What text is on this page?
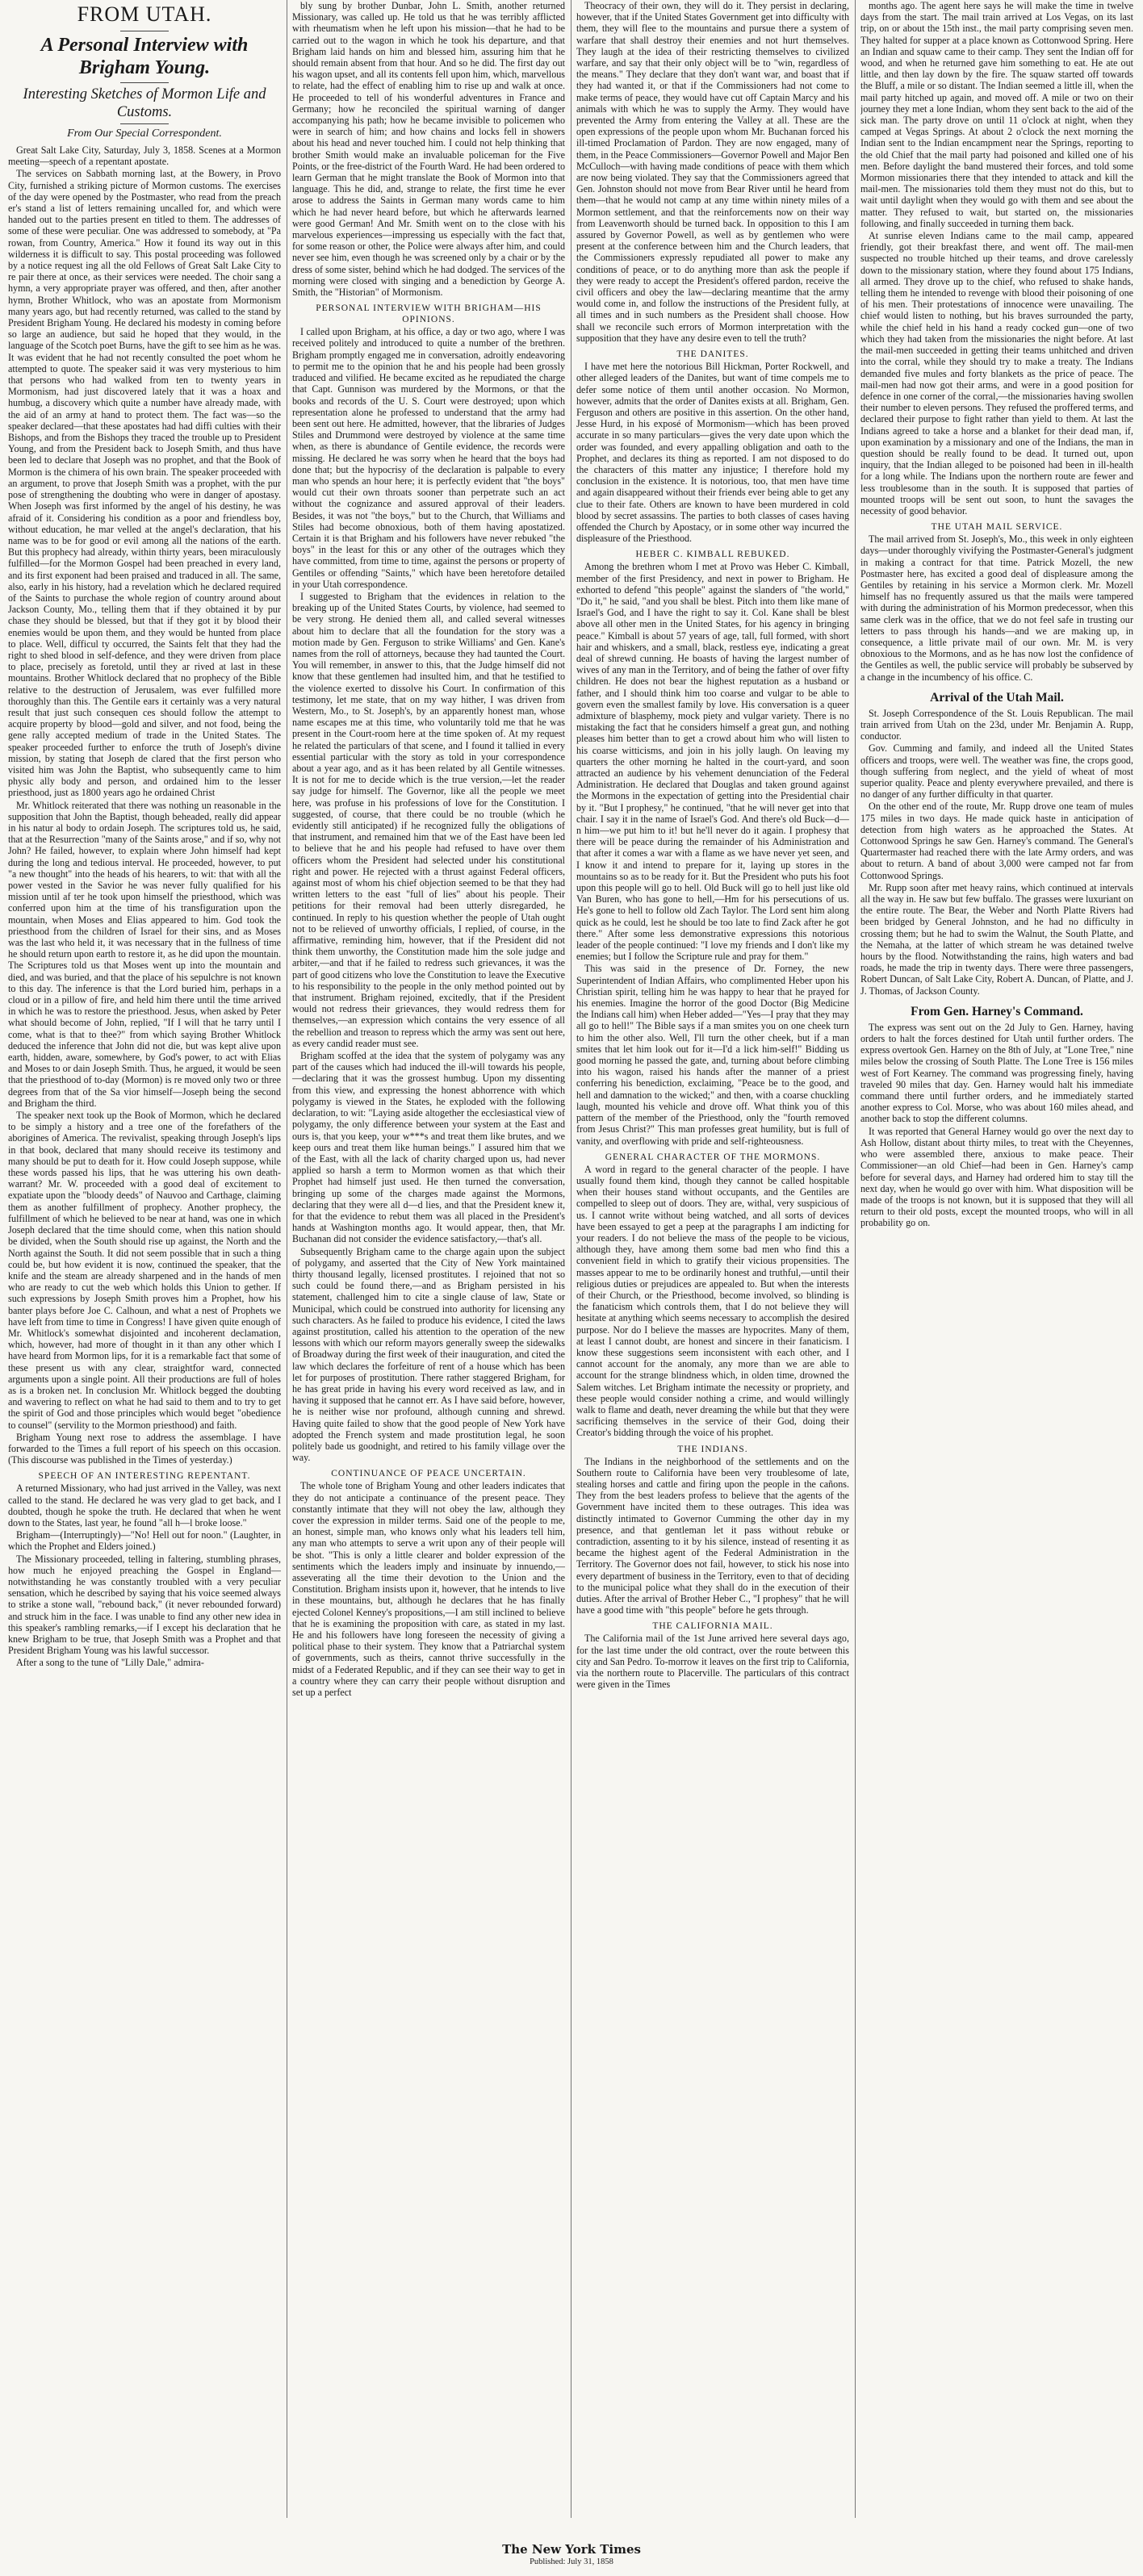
FROM UTAH.
A Personal Interview with Brigham Young.
Interesting Sketches of Mormon Life and Customs.
From Our Special Correspondent.

Great Salt Lake City, Saturday, July 3, 1858. Scenes at a Mormon meeting—speech of a repentant apostate.

The services on Sabbath morning last, at the Bowery, in Provo City, furnished a striking picture of Mormon customs. The exercises of the day were opened by the Postmaster, who read from the preach er's stand a list of letters remaining uncalled for, and which were handed out to the parties present en titled to them. The addresses of some of these were peculiar. One was addressed to somebody, at "Pa rowan, from Country, America." How it found its way out in this wilderness it is difficult to say. This postal proceeding was followed by a notice request ing all the old Fellows of Great Salt Lake City to re pair there at once, as their services were needed. The choir sang a hymn, a very appropriate prayer was offered, and then, after another hymn, Brother Whitlock, who was an apostate from Mormonism many years ago, but had recently returned, was called to the stand by President Brigham Young. He declared his modesty in coming before so large an audience, but said he hoped that they would, in the language of the Scotch poet Burns, have the gift to see him as he was. It was evident that he had not recently consulted the poet whom he attempted to quote. The speaker said it was very mysterious to him that persons who had walked from ten to twenty years in Mormonism, had just discovered lately that it was a hoax and humbug, a discovery which quite a number have already made, with the aid of an army at hand to protect them. The fact was—so the speaker declared—that these apostates had had diffi culties with their Bishops, and from the Bishops they traced the trouble up to President Young, and from the President back to Joseph Smith, and thus have been led to declare that Joseph was no prophet, and that the Book of Mormon is the chimera of his own brain. The speaker proceeded with an argument, to prove that Joseph Smith was a prophet, with the pur pose of strengthening the doubting who were in danger of apostasy. When Joseph was first informed by the angel of his destiny, he was afraid of it. Considering his condition as a poor and friendless boy, without education, he mar velled at the angel's declaration, that his name was to be for good or evil among all the nations of the earth. But this prophecy had already, within thirty years, been miraculously fulfilled—for the Mormon Gospel had been preached in every land, and its first exponent had been praised and traduced in all. The same, also, early in his history, had a revelation which he declared required of the Saints to purchase the whole region of country around about Jackson County, Mo., telling them that if they obtained it by pur chase they should be blessed, but that if they got it by blood their enemies would be upon them, and they would be hunted from place to place. Well, difficul ty occurred, the Saints felt that they had the right to shed blood in self-defence, and they were driven from place to place, precisely as foretold, until they ar rived at last in these mountains. Brother Whitlock declared that no prophecy of the Bible relative to the destruction of Jerusalem, was ever fulfilled more thoroughly than this. The Gentile ears it certainly was a very natural result that just such consequen ces should follow the attempt to acquire property by blood—gold and silver, and not food, being the gene rally accepted medium of trade in the United States. The speaker proceeded further to enforce the truth of Joseph's divine mission, by stating that Joseph de clared that the first person who visited him was John the Baptist, who subsequently came to him physic ally body and person, and ordained him to the lesser priesthood, just as 1800 years ago he ordained Christ

Mr. Whitlock reiterated that there was nothing un reasonable in the supposition that John the Baptist, though beheaded, really did appear in his natur al body to ordain Joseph. The scriptures told us, he said, that at the Resurrection "many of the Saints arose," and if so, why not John? He failed, however, to explain where John himself had kept during the long and tedious interval. He proceeded, however, to put "a new thought" into the heads of his hearers, to wit: that with all the power vested in the Savior he was never fully qualified for his mission until af ter he took upon himself the priesthood, which was conferred upon him at the time of his transfiguration upon the mountain, when Moses and Elias appeared to him. God took the priesthood from the children of Israel for their sins, and as Moses was the last who held it, it was necessary that in the fullness of time he should return upon earth to restore it, as he did upon the mountain. The Scriptures told us that Moses went up into the mountain and died, and was buried, and that the place of his sepulchre is not known to this day. The inference is that the Lord buried him, perhaps in a cloud or in a pillow of fire, and held him there until the time arrived in which he was to restore the priesthood. Jesus, when asked by Peter what should become of John, replied, "If I will that he tarry until I come, what is that to thee?" from which saying Brother Whitlock deduced the inference that John did not die, but was kept alive upon earth, hidden, aware, somewhere, by God's power, to act with Elias and Moses to or dain Joseph Smith. Thus, he argued, it would be seen that the priesthood of to-day (Mormon) is re moved only two or three degrees from that of the Sa vior himself—Joseph being the second and Brigham the third.

The speaker next took up the Book of Mormon, which he declared to be simply a history and a tree one of the forefathers of the aborigines of America. The revivalist, speaking through Joseph's lips in that book, declared that many should receive its testimony and many should be put to death for it. How could Joseph suppose, while these words passed his lips, that he was uttering his own death-warrant? Mr. W. proceeded with a good deal of excitement to expatiate upon the "bloody deeds" of Nauvoo and Carthage, claiming them as another fulfillment of prophecy. Another prophecy, the fulfillment of which he believed to be near at hand, was one in which Joseph declared that the time should come, when this nation should be divided, when the South should rise up against, the North and the North against the South. It did not seem possible that in such a thing could be, but how evident it is now, continued the speaker, that the knife and the steam are already sharpened and in the hands of men who are ready to cut the web which holds this Union to gether. If such expressions by Joseph Smith proves him a Prophet, how his banter plays before Joe C. Calhoun, and what a nest of Prophets we have left from time to time in Congress! I have given quite enough of Mr. Whitlock's somewhat disjointed and incoherent declamation, which, however, had more of thought in it than any other which I have heard from Mormon lips, for it is a remarkable fact that some of these present us with any clear, straightfor ward, connected arguments upon a single point. All their productions are full of holes as is a broken net. In conclusion Mr. Whitlock begged the doubting and wavering to reflect on what he had said to them and to try to get the spirit of God and those principles which would beget "obedience to counsel" (servility to the Mormon priesthood) and faith.

Brigham Young next rose to address the assemblage. I have forwarded to the Times a full report of his speech on this occasion. (This discourse was published in the Times of yesterday.)

SPEECH OF AN INTERESTING REPENTANT.

A returned Missionary, who had just arrived in the Valley, was next called to the stand. He declared he was very glad to get back, and I doubted, though he spoke the truth. He declared that when he went down to the States, last year, he found "all h—l broke loose."

Brigham—(Interruptingly)—"No! Hell out for noon." (Laughter, in which the Prophet and Elders joined.)

The Missionary proceeded, telling in faltering, stumbling phrases, how much he enjoyed preaching the Gospel in England—notwithstanding he was constantly troubled with a very peculiar sensation, which he described by saying that his voice seemed always to strike a stone wall, "rebound back," (it never rebounded forward) and struck him in the face. I was unable to find any other new idea in this speaker's rambling remarks,—if I except his declaration that he knew Brigham to be true, that Joseph Smith was a Prophet and that President Brigham Young was his lawful successor.

After a song to the tune of "Lilly Dale," admira-

bly sung by brother Dunbar, John L. Smith, another returned Missionary, was called up. He told us that he was terribly afflicted with rheumatism when he left upon his mission—that he had to be carried out to the wagon in which he took his departure, and that Brigham laid hands on him and blessed him, assuring him that he should remain absent from that hour. And so he did. The first day out his wagon upset, and all its contents fell upon him, which, marvellous to relate, had the effect of enabling him to rise up and walk at once. He proceeded to tell of his wonderful adventures in France and Germany; how he reconciled the spiritual warning of danger accompanying his path; how he became invisible to policemen who were in search of him; and how chains and locks fell in showers about his head and never touched him. I could not help thinking that brother Smith would make an invaluable policeman for the Five Points, or the free-district of the Fourth Ward. He had been ordered to learn German that he might translate the Book of Mormon into that language. This he did, and, strange to relate, the first time he ever arose to address the Saints in German many words came to him which he had never heard before, but which he afterwards learned were good German! And Mr. Smith went on to the close with his marvelous experiences—impressing us especially with the fact that, for some reason or other, the Police were always after him, and could never see him, even though he was screened only by a chair or by the dress of some sister, behind which he had dodged. The services of the morning were closed with singing and a benediction by George A. Smith, the "Historian" of Mormonism.

PERSONAL INTERVIEW WITH BRIGHAM—HIS OPINIONS.

I called upon Brigham, at his office, a day or two ago, where I was received politely and introduced to quite a number of the brethren. Brigham promptly engaged me in conversation, adroitly endeavoring to permit me to the opinion that he and his people had been grossly traduced and vilified. He became excited as he repudiated the charge that Capt. Gunnison was murdered by the Mormons, or that the books and records of the U. S. Court were destroyed; upon which representation alone he professed to understand that the army had been sent out here. He admitted, however, that the libraries of Judges Stiles and Drummond were destroyed by violence at the same time when, as there is abundance of Gentile evidence, the records were missing. He declared he was sorry when he heard that the boys had done that; but the hypocrisy of the declaration is palpable to every man who spends an hour here; it is perfectly evident that "the boys" would cut their own throats sooner than perpetrate such an act without the cognizance and assured approval of their leaders. Besides, it was not "the boys," but to the Church, that Williams and Stiles had become obnoxious, both of them having apostatized. Certain it is that Brigham and his followers have never rebuked "the boys" in the least for this or any other of the outrages which they have committed, from time to time, against the persons or property of Gentiles or offending "Saints," which have been heretofore detailed in your Utah correspondence.

I suggested to Brigham that the evidences in relation to the breaking up of the United States Courts, by violence, had seemed to be very strong. He denied them all, and called several witnesses about him to declare that all the foundation for the story was a motion made by Gen. Ferguson to strike Williams' and Gen. Kane's names from the roll of attorneys, because they had taunted the Court. You will remember, in answer to this, that the Judge himself did not know that these gentlemen had insulted him, and that he testified to the violence exerted to dissolve his Court. In confirmation of this testimony, let me state, that on my way hither, I was driven from Western, Mo., to St. Joseph's, by an apparently honest man, whose name escapes me at this time, who voluntarily told me that he was present in the Court-room here at the time spoken of. At my request he related the particulars of that scene, and I found it tallied in every essential particular with the story as told in your correspondence about a year ago, and as it has been related by all Gentile witnesses. It is not for me to decide which is the true version,—let the reader say judge for himself. The Governor, like all the people we meet here, was profuse in his professions of love for the Constitution. I suggested, of course, that there could be no trouble (which he evidently still anticipated) if he recognized fully the obligations of that instrument, and remained him that we of the East have been led to believe that he and his people had refused to have over them officers whom the President had selected under his constitutional right and power. He rejected with a thrust against Federal officers, against most of whom his chief objection seemed to be that they had written letters to the east "full of lies" about his people. Their petitions for their removal had been utterly disregarded, he continued. In reply to his question whether the people of Utah ought not to be relieved of unworthy officials, I replied, of course, in the affirmative, reminding him, however, that if the President did not think them unworthy, the Constitution made him the sole judge and arbiter,—and that if he failed to redress such grievances, it was the part of good citizens who love the Constitution to leave the Executive to his responsibility to the people in the only method pointed out by that instrument. Brigham rejoined, excitedly, that if the President would not redress their grievances, they would redress them for themselves,—an expression which contains the very essence of all the rebellion and treason to repress which the army was sent out here, as every candid reader must see.

Brigham scoffed at the idea that the system of polygamy was any part of the causes which had induced the ill-will towards his people,—declaring that it was the grossest humbug. Upon my dissenting from this view, and expressing the honest abhorrence with which polygamy is viewed in the States, he exploded with the following declaration, to wit: "Laying aside altogether the ecclesiastical view of polygamy, the only difference between your system at the East and ours is, that you keep, your w***s and treat them like brutes, and we keep ours and treat them like human beings." I assured him that we of the East, with all the lack of charity charged upon us, had never applied so harsh a term to Mormon women as that which their Prophet had himself just used. He then turned the conversation, bringing up some of the charges made against the Mormons, declaring that they were all d—d lies, and that the President knew it, for that the evidence to rebut them was all placed in the President's hands at Washington months ago. It would appear, then, that Mr. Buchanan did not consider the evidence satisfactory,—that's all.

Subsequently Brigham came to the charge again upon the subject of polygamy, and asserted that the City of New York maintained thirty thousand legally, licensed prostitutes. I rejoined that not so such could be found there,—and as Brigham persisted in his statement, challenged him to cite a single clause of law, State or Municipal, which could be construed into authority for licensing any such characters. As he failed to produce his evidence, I cited the laws against prostitution, called his attention to the operation of the new lessons with which our reform mayors generally sweep the sidewalks of Broadway during the first week of their inauguration, and cited the law which declares the forfeiture of rent of a house which has been let for purposes of prostitution. There rather staggered Brigham, for he has great pride in having his every word received as law, and in having it supposed that he cannot err. As I have said before, however, he is neither wise nor profound, although cunning and shrewd. Having quite failed to show that the good people of New York have adopted the French system and made prostitution legal, he soon politely bade us goodnight, and retired to his family village over the way.

CONTINUANCE OF PEACE UNCERTAIN.

The whole tone of Brigham Young and other leaders indicates that they do not anticipate a continuance of the present peace. They constantly intimate that they will not obey the law, although they cover the expression in milder terms. Said one of the people to me, an honest, simple man, who knows only what his leaders tell him, any man who attempts to serve a writ upon any of their people will be shot. "This is only a little clearer and bolder expression of the sentiments which the leaders imply and insinuate by innuendo,—asseverating all the time their devotion to the Union and the Constitution. Brigham insists upon it, however, that he intends to live in these mountains, but, although he declares that he has finally ejected Colonel Kenney's propositions,—I am still inclined to believe that he is examining the proposition with care, as stated in my last. He and his followers have long foreseen the necessity of giving a political phase to their system. They know that a Patriarchal system of governments, such as theirs, cannot thrive successfully in the midst of a Federated Republic, and if they can see their way to get in a country where they can carry their people without disruption and set up a perfect

Theocracy of their own, they will do it. They persist in declaring, however, that if the United States Government get into difficulty with them, they will flee to the mountains and pursue there a system of warfare that shall destroy their enemies and not hurt themselves. They laugh at the idea of their restricting themselves to civilized warfare, and say that their only object will be to "win, regardless of the means." They declare that they don't want war, and boast that if they had wanted it, or that if the Commissioners had not come to make terms of peace, they would have cut off Captain Marcy and his animals with which he was to supply the Army. They would have prevented the Army from entering the Valley at all. These are the open expressions of the people upon whom Mr. Buchanan forced his ill-timed Proclamation of Pardon. They are now engaged, many of them, in the Peace Commissioners—Governor Powell and Major Ben McCulloch—with having made conditions of peace with them which are now being violated. They say that the Commissioners agreed that Gen. Johnston should not move from Bear River until he heard from them—that he would not camp at any time within ninety miles of a Mormon settlement, and that the reinforcements now on their way from Leavenworth should be turned back. In opposition to this I am assured by Governor Powell, as well as by gentlemen who were present at the conference between him and the Church leaders, that the Commissioners expressly repudiated all power to make any conditions of peace, or to do anything more than ask the people if they were ready to accept the President's offered pardon, receive the civil officers and obey the law—declaring meantime that the army would come in, and follow the instructions of the President fully, at all times and in such numbers as the President shall choose. How shall we reconcile such errors of Mormon interpretation with the supposition that they have any desire even to tell the truth?

THE DANITES.

I have met here the notorious Bill Hickman, Porter Rockwell, and other alleged leaders of the Danites, but want of time compels me to defer some notice of them until another occasion. No Mormon, however, admits that the order of Danites exists at all. Brigham, Gen. Ferguson and others are positive in this assertion. On the other hand, Jesse Hurd, in his exposé of Mormonism—which has been proved accurate in so many particulars—gives the very date upon which the order was founded, and every appalling obligation and oath to the Prophet, and declares its thing as reported. I am not disposed to do the characters of this matter any injustice; I therefore hold my conclusion in the existence. It is notorious, too, that men have time and again disappeared without their friends ever being able to get any clue to their fate. Others are known to have been murdered in cold blood by secret assassins. The parties to both classes of cases having offended the Church by Apostacy, or in some other way incurred the displeasure of the Priesthood.

HEBER C. KIMBALL REBUKED.

Among the brethren whom I met at Provo was Heber C. Kimball, member of the first Presidency, and next in power to Brigham. He exhorted to defend "this people" against the slanders of "the world," "Do it," he said, "and you shall be blest. Pitch into them like mane of Israel's God, and I have the right to say it. Col. Kane shall be blest above all other men in the United States, for his agency in bringing peace." Kimball is about 57 years of age, tall, full formed, with short hair and whiskers, and a small, black, restless eye, indicating a great deal of shrewd cunning. He boasts of having the largest number of wives of any man in the Territory, and of being the father of over fifty children. He does not bear the highest reputation as a husband or father, and I should think him too coarse and vulgar to be able to govern even the smallest family by love. His conversation is a queer admixture of blasphemy, mock piety and vulgar variety. There is no mistaking the fact that he considers himself a great gun, and nothing pleases him better than to get a crowd about him who will listen to his coarse witticisms, and join in his jolly laugh. On leaving my quarters the other morning he halted in the court-yard, and soon attracted an audience by his vehement denunciation of the Federal Administration. He declared that Douglas and taken ground against the Mormons in the expectation of getting into the Presidential chair by it. "But I prophesy," he continued, "that he will never get into that chair. I say it in the name of Israel's God. And there's old Buck—d—n him—we put him to it! but he'll never do it again. I prophesy that there will be peace during the remainder of his Administration and that after it comes a war with a flame as we have never yet seen, and I know it and intend to prepare for it, laying up stores in the mountains so as to be ready for it. But the President who puts his foot upon this people will go to hell. Old Buck will go to hell just like old Van Buren, who has gone to hell,—Hm for his persecutions of us. He's gone to hell to follow old Zach Taylor. The Lord sent him along quick as he could, lest he should be too late to find Zack after he got there." After some less demonstrative expressions this notorious leader of the people continued: "I love my friends and I don't like my enemies; but I follow the Scripture rule and pray for them."

This was said in the presence of Dr. Forney, the new Superintendent of Indian Affairs, who complimented Heber upon his Christian spirit, telling him he was happy to hear that he prayed for his enemies. Imagine the horror of the good Doctor (Big Medicine the Indians call him) when Heber added—"Yes—I pray that they may all go to hell!" The Bible says if a man smites you on one cheek turn to him the other also. Well, I'll turn the other cheek, but if a man smites that let him look out for it—I'd a lick him-self!" Bidding us good morning he passed the gate, and, turning about before climbing into his wagon, raised his hands after the manner of a priest conferring his benediction, exclaiming, "Peace be to the good, and hell and damnation to the wicked;" and then, with a coarse chuckling laugh, mounted his vehicle and drove off. What think you of this pattern of the member of the Priesthood, only the "fourth removed from Jesus Christ?" This man professes great humility, but is full of vanity, and overflowing with pride and self-righteousness.

GENERAL CHARACTER OF THE MORMONS.

A word in regard to the general character of the people. I have usually found them kind, though they cannot be called hospitable when their houses stand without occupants, and the Gentiles are compelled to sleep out of doors. They are, withal, very suspicious of us. I cannot write without being watched, and all sorts of devices have been essayed to get a peep at the paragraphs I am indicting for your readers. I do not believe the mass of the people to be vicious, although they, have among them some bad men who find this a convenient field in which to gratify their vicious propensities. The masses appear to me to be ordinarily honest and truthful,—until their religious duties or prejudices are appealed to. But when the interests of their Church, or the Priesthood, become involved, so blinding is the fanaticism which controls them, that I do not believe they will hesitate at anything which seems necessary to accomplish the desired purpose. Nor do I believe the masses are hypocrites. Many of them, at least I cannot doubt, are honest and sincere in their fanaticism. I know these suggestions seem inconsistent with each other, and I cannot account for the anomaly, any more than we are able to account for the strange blindness which, in olden time, drowned the Salem witches. Let Brigham intimate the necessity or propriety, and these people would consider nothing a crime, and would willingly walk to flame and death, never dreaming the while but that they were sacrificing themselves in the service of their God, doing their Creator's bidding through the voice of his prophet.

THE INDIANS.

The Indians in the neighborhood of the settlements and on the Southern route to California have been very troublesome of late, stealing horses and cattle and firing upon the people in the cañons. They from the best leaders profess to believe that the agents of the Government have incited them to these outrages. This idea was distinctly intimated to Governor Cumming the other day in my presence, and that gentleman let it pass without rebuke or contradiction, assenting to it by his silence, instead of resenting it as became the highest agent of the Federal Administration in the Territory. The Governor does not fail, however, to stick his nose into every department of business in the Territory, even to that of deciding to the municipal police what they shall do in the execution of their duties. After the arrival of Brother Heber C., "I prophesy" that he will have a good time with "this people" before he gets through.

THE CALIFORNIA MAIL.

The California mail of the 1st June arrived here several days ago, for the last time under the old contract, over the route between this city and San Pedro. To-morrow it leaves on the first trip to California, via the northern route to Placerville. The particulars of this contract were given in the Times

months ago. The agent here says he will make the time in twelve days from the start. The mail train arrived at Los Vegas, on its last trip, on or about the 15th inst., the mail party comprising seven men. They halted for supper at a place known as Cottonwood Spring. Here an Indian and squaw came to their camp. They sent the Indian off for wood, and when he returned gave him something to eat. He ate out little, and then lay down by the fire. The squaw started off towards the Bluff, a mile or so distant. The Indian seemed a little ill, when the mail party hitched up again, and moved off. A mile or two on their journey they met a lone Indian, whom they sent back to the aid of the sick man. The party drove on until 11 o'clock at night, when they camped at Vegas Springs. At about 2 o'clock the next morning the Indian sent to the Indian encampment near the Springs, reporting to the old Chief that the mail party had poisoned and killed one of his men. Before daylight the band mustered their forces, and told some Mormon missionaries there that they intended to attack and kill the mail-men. The missionaries told them they must not do this, but to wait until daylight when they would go with them and see about the matter. They refused to wait, but started on, the missionaries following, and finally succeeded in turning them back.

At sunrise eleven Indians came to the mail camp, appeared friendly, got their breakfast there, and went off. The mail-men suspected no trouble hitched up their teams, and drove carelessly down to the missionary station, where they found about 175 Indians, all armed. They drove up to the chief, who refused to shake hands, telling them he intended to revenge with blood their poisoning of one of his men. Their protestations of innocence were unavailing. The chief would listen to nothing, but his braves surrounded the party, while the chief held in his hand a ready cocked gun—one of two which they had taken from the missionaries the night before. At last the mail-men succeeded in getting their teams unhitched and driven into the corral, while they should try to make a treaty. The Indians demanded five mules and forty blankets as the price of peace. The mail-men had now got their arms, and were in a good position for defence in one corner of the corral,—the missionaries having swollen their number to eleven persons. They refused the proffered terms, and declared their purpose to fight rather than yield to them. At last the Indians agreed to take a horse and a blanket for their dead man, if, upon examination by a missionary and one of the Indians, the man in question should be really found to be dead. It turned out, upon inquiry, that the Indian alleged to be poisoned had been in ill-health for a long while. The Indians upon the northern route are fewer and less troublesome than in the south. It is supposed that parties of mounted troops will be sent out soon, to hunt the savages the necessity of good behavior.

THE UTAH MAIL SERVICE.

The mail arrived from St. Joseph's, Mo., this week in only eighteen days—under thoroughly vivifying the Postmaster-General's judgment in making a contract for that time. Patrick Mozell, the new Postmaster here, has excited a good deal of displeasure among the Gentiles by retaining in his service a Mormon clerk. Mr. Mozell himself has no frequently assured us that the mails were tampered with during the administration of his Mormon predecessor, when this same clerk was in the office, that we do not feel safe in trusting our letters to pass through his hands—and we are making up, in consequence, a little private mail of our own. Mr. M. is very obnoxious to the Mormons, and as he has now lost the confidence of the Gentiles as well, the public service will probably be subserved by a change in the incumbency of his office. C.

Arrival of the Utah Mail.

St. Joseph Correspondence of the St. Louis Republican. The mail train arrived from Utah on the 23d, under Mr. Benjamin A. Rupp, conductor.

Gov. Cumming and family, and indeed all the United States officers and troops, were well. The weather was fine, the crops good, though suffering from neglect, and the yield of wheat of most superior quality. Peace and plenty everywhere prevailed, and there is no danger of any further difficulty in that quarter.

On the other end of the route, Mr. Rupp drove one team of mules 175 miles in two days. He made quick haste in anticipation of detection from high waters as he approached the States. At Cottonwood Springs he saw Gen. Harney's command. The General's Quartermaster had reached there with the late Army orders, and was about to return. A band of about 3,000 were camped not far from Cottonwood Springs.

Mr. Rupp soon after met heavy rains, which continued at intervals all the way in. He saw but few buffalo. The grasses were luxuriant on the entire route. The Bear, the Weber and North Platte Rivers had been bridged by General Johnston, and he had no difficulty in crossing them; but he had to swim the Walnut, the South Platte, and the Nemaha, at the latter of which stream he was detained twelve hours by the flood. Notwithstanding the rains, high waters and bad roads, he made the trip in twenty days. There were three passengers, Robert Duncan, of Salt Lake City, Robert A. Duncan, of Platte, and J. J. Thomas, of Jackson County.

From Gen. Harney's Command.

The express was sent out on the 2d July to Gen. Harney, having orders to halt the forces destined for Utah until further orders. The express overtook Gen. Harney on the 8th of July, at "Lone Tree," nine miles below the crossing of South Platte. The Lone Tree is 156 miles west of Fort Kearney. The command was progressing finely, having traveled 90 miles that day. Gen. Harney would halt his immediate command there until further orders, and he immediately started another express to Col. Morse, who was about 160 miles ahead, and another back to stop the different columns.

It was reported that General Harney would go over the next day to Ash Hollow, distant about thirty miles, to treat with the Cheyennes, who were assembled there, anxious to make peace. Their Commissioner—an old Chief—had been in Gen. Harney's camp before for several days, and Harney had ordered him to stay till the next day, when he would go over with him. What disposition will be made of the troops is not known, but it is supposed that they will all return to their old posts, except the mounted troops, who will in all probability go on.

The New York Times
Published: July 31, 1858
